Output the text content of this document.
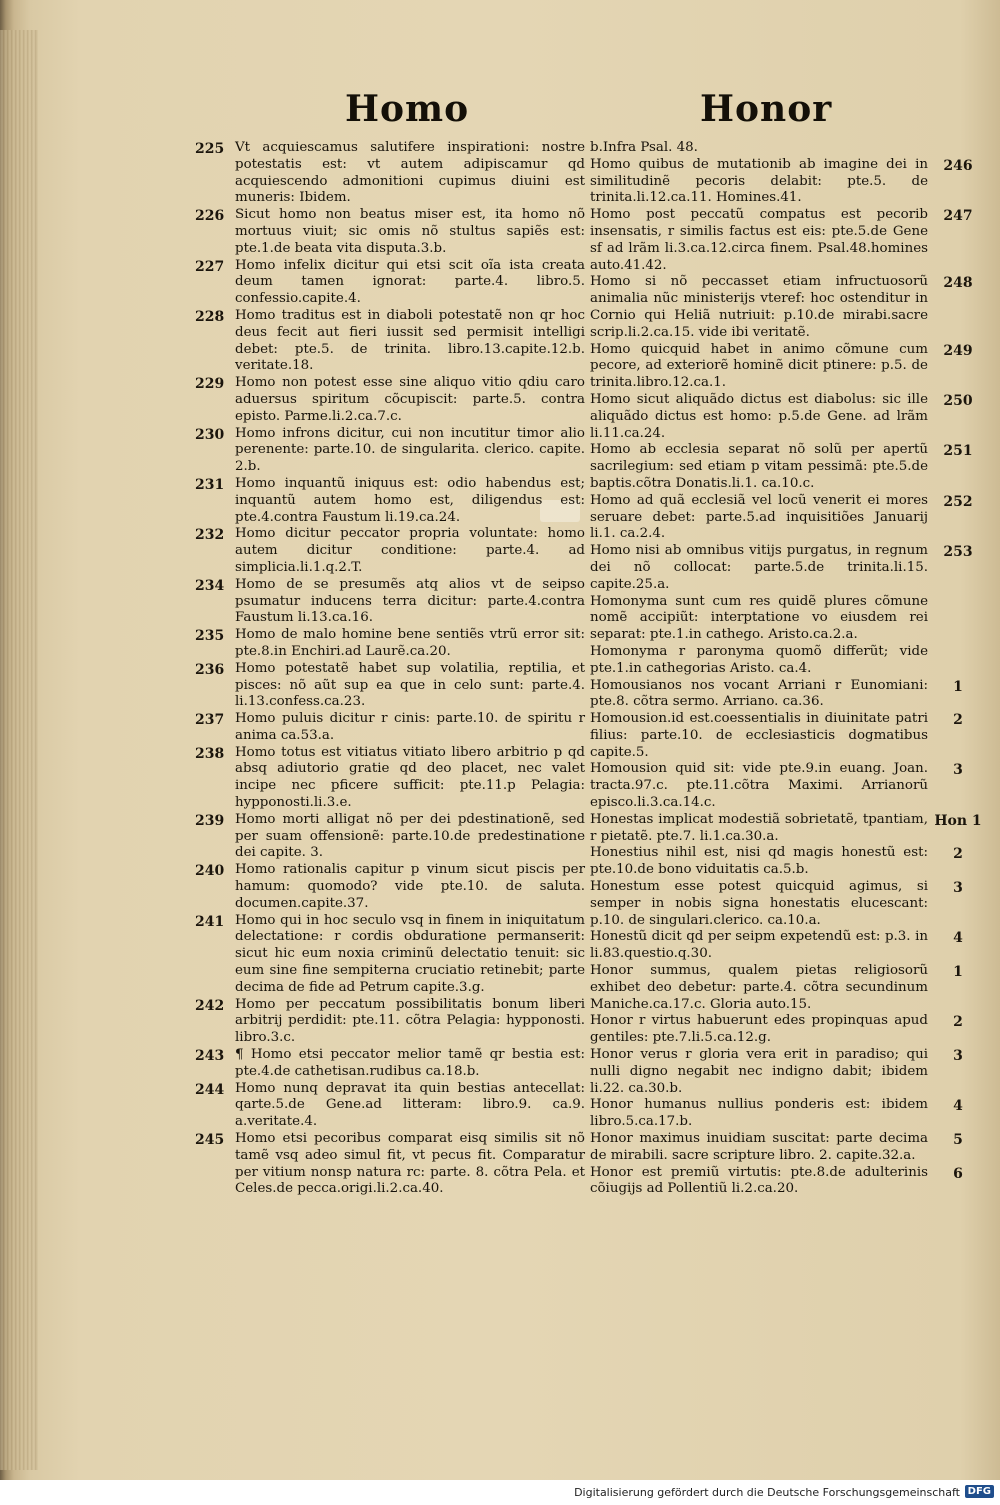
Homo	Honor
225 Vt acquiescamus salutifere inspirationi: nostre potestatis est: vt autem adipiscamur qd acquiescendo admonitioni cupimus diuini est muneris: Ibidem.
226 Sicut homo non beatus miser est, ita homo nõ mortuus viuit; sic omis nõ stultus sapiẽs est: pte.1.de beata vita disputa.3.b.
227 Homo infelix dicitur qui etsi scit oĩa ista creata deum tamen ignorat: parte.4. libro.5. confessio.capite.4.
228 Homo traditus est in diaboli potestatẽ non qr hoc deus fecit aut fieri iussit sed permisit intelligi debet: pte.5. de trinita. libro.13.capite.12.b. veritate.18.
229 Homo non potest esse sine aliquo vitio qdiu caro aduersus spiritum cõcupiscit: parte.5. contra episto. Parme.li.2.ca.7.c.
230 Homo infrons dicitur, cui non incutitur timor alio perenente: parte.10. de singularita. clerico. capite. 2.b.
231 Homo inquantũ iniquus est: odio habendus est; inquantũ autem homo est, diligendus est: pte.4.contra Faustum li.19.ca.24.
232 Homo dicitur peccator propria voluntate: homo autem dicitur conditione: parte.4. ad simplicia.li.1.q.2.T.
234 Homo de se presumẽs atq alios vt de seipso psumatur inducens terra dicitur: parte.4.contra Faustum li.13.ca.16.
235 Homo de malo homine bene sentiẽs vtrũ error sit: pte.8.in Enchiri.ad Laurẽ.ca.20.
236 Homo potestatẽ habet sup volatilia, reptilia, et pisces: nõ aũt sup ea que in celo sunt: parte.4. li.13.confess.ca.23.
237 Homo puluis dicitur r cinis: parte.10. de spiritu r anima ca.53.a.
238 Homo totus est vitiatus vitiato libero arbitrio p qd absq adiutorio gratie qd deo placet, nec valet incipe nec pficere sufficit: pte.11.p Pelagia: hypponosti.li.3.e.
239 Homo morti alligat nõ per dei pdestinationẽ, sed per suam offensionẽ: parte.10.de predestinatione dei capite. 3.
240 Homo rationalis capitur p vinum sicut piscis per hamum: quomodo? vide pte.10. de saluta. documen.capite.37.
241 Homo qui in hoc seculo vsq in finem in iniquitatum delectatione: r cordis obduratione permanserit: sicut hic eum noxia criminũ delectatio tenuit: sic eum sine fine sempiterna cruciatio retinebit; parte decima de fide ad Petrum capite.3.g.
242 Homo per peccatum possibilitatis bonum liberi arbitrij perdidit: pte.11. cõtra Pelagia: hypponosti. libro.3.c.
243 ¶ Homo etsi peccator melior tamẽ qr bestia est: pte.4.de cathetisan.rudibus ca.18.b.
244 Homo nunq depravat ita quin bestias antecellat: qarte.5.de Gene.ad litteram: libro.9. ca.9. a.veritate.4.
245 Homo etsi pecoribus comparat eisq similis sit nõ tamẽ vsq adeo simul fit, vt pecus fit. Comparatur per vitium nonsp natura rc: parte. 8. cõtra Pela. et Celes.de pecca.origi.li.2.ca.40.
b.Infra Psal. 48.
246
Homo quibus de mutationib ab imagine dei in similitudinẽ pecoris delabit: pte.5. de trinita.li.12.ca.11. Homines.41.
247
Homo post peccatũ compatus est pecorib insensatis, r similis factus est eis: pte.5.de Gene sf ad lrãm li.3.ca.12.circa finem. Psal.48.homines auto.41.42.
248
Homo si nõ peccasset etiam infructuosorũ animalia nũc ministerijs vteref: hoc ostenditur in Cornio qui Heliã nutriuit: p.10.de mirabi.sacre scrip.li.2.ca.15. vide ibi veritatẽ.
249
Homo quicquid habet in animo cõmune cum pecore, ad exteriorẽ hominẽ dicit ptinere: p.5. de trinita.libro.12.ca.1.
250
Homo sicut aliquãdo dictus est diabolus: sic ille aliquãdo dictus est homo: p.5.de Gene. ad lrãm li.11.ca.24.
251
Homo ab ecclesia separat nõ solũ per apertũ sacrilegium: sed etiam p vitam pessimã: pte.5.de baptis.cõtra Donatis.li.1. ca.10.c.
252
Homo ad quã ecclesiã vel locũ venerit ei mores seruare debet: parte.5.ad inquisitiões Januarij li.1. ca.2.4.
253
Homo nisi ab omnibus vitijs purgatus, in regnum dei nõ collocat: parte.5.de trinita.li.15. capite.25.a.
Homonyma sunt cum res quidẽ plures cõmune nomẽ accipiũt: interptatione vo eiusdem rei separat: pte.1.in cathego. Aristo.ca.2.a.
Homonyma r paronyma quomõ differũt; vide pte.1.in cathegorias Aristo. ca.4.
1
Homousianos nos vocant Arriani r Eunomiani: pte.8. cõtra sermo. Arriano. ca.36.
2
Homousion.id est.coessentialis in diuinitate patri filius: parte.10. de ecclesiasticis dogmatibus capite.5.
3
Homousion quid sit: vide pte.9.in euang. Joan. tracta.97.c. pte.11.cõtra Maximi. Arrianorũ episco.li.3.ca.14.c.
Hon 1
Honestas implicat modestiã sobrietatẽ, tpantiam, r pietatẽ. pte.7. li.1.ca.30.a.
2
Honestius nihil est, nisi qd magis honestũ est: pte.10.de bono viduitatis ca.5.b.
3
Honestum esse potest quicquid agimus, si semper in nobis signa honestatis elucescant: p.10. de singulari.clerico. ca.10.a.
4
Honestũ dicit qd per seipm expetendũ est: p.3. in li.83.questio.q.30.
1
Honor summus, qualem pietas religiosorũ exhibet deo debetur: parte.4. cõtra secundinum Maniche.ca.17.c. Gloria auto.15.
2
Honor r virtus habuerunt edes propinquas apud gentiles: pte.7.li.5.ca.12.g.
3
Honor verus r gloria vera erit in paradiso; qui nulli digno negabit nec indigno dabit; ibidem li.22. ca.30.b.
4
Honor humanus nullius ponderis est: ibidem libro.5.ca.17.b.
5
Honor maximus inuidiam suscitat: parte decima de mirabili. sacre scripture libro. 2. capite.32.a.
6
Honor est premiũ virtutis: pte.8.de adulterinis cõiugijs ad Pollentiũ li.2.ca.20.
Digitalisierung gefördert durch die Deutsche Forschungsgemeinschaft DFG
